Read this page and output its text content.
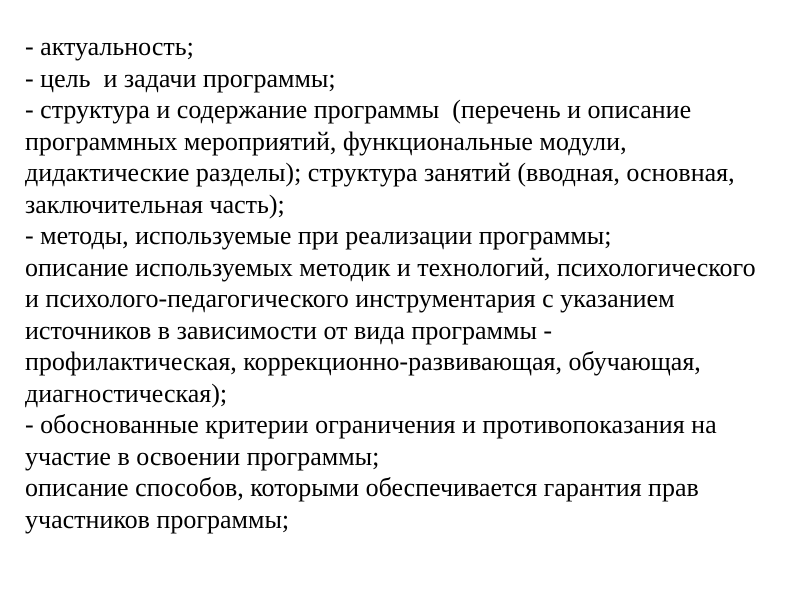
- актуальность;
- цель  и задачи программы;
- структура и содержание программы  (перечень и описание
программных мероприятий, функциональные модули,
дидактические разделы); структура занятий (вводная, основная,
заключительная часть);
- методы, используемые при реализации программы;
описание используемых методик и технологий, психологического
и психолого-педагогического инструментария с указанием
источников в зависимости от вида программы -
профилактическая, коррекционно-развивающая, обучающая,
диагностическая);
- обоснованные критерии ограничения и противопоказания на
участие в освоении программы;
описание способов, которыми обеспечивается гарантия прав
участников программы;
